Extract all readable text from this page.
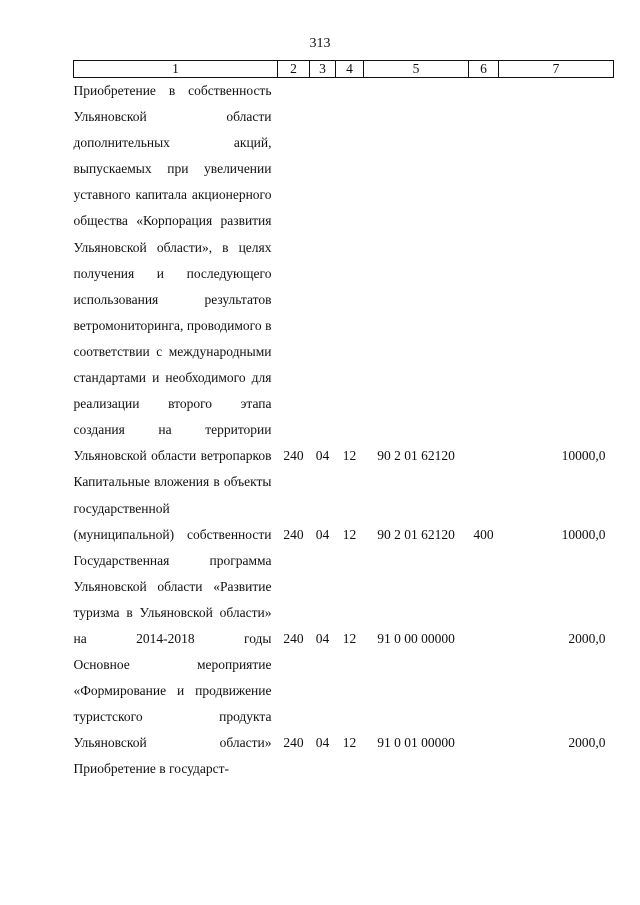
313
1	2	3	4	5	6	7
Приобретение в собственность Ульяновской области дополнительных акций, выпускаемых при увеличении уставного капитала акционерного общества «Корпорация развития Ульяновской области», в целях получения и последующего использования результатов ветромониторинга, проводимого в соответствии с международными стандартами и необходимого для реализации второго этапа создания на территории Ульяновской области ветропарков	240	04	12	90 2 01 62120		10000,0
Капитальные вложения в объекты государственной (муниципальной) собственности	240	04	12	90 2 01 62120	400	10000,0
Государственная программа Ульяновской области «Развитие туризма в Ульяновской области» на 2014-2018 годы	240	04	12	91 0 00 00000		2000,0
Основное мероприятие «Формирование и продвижение туристского продукта Ульяновской области»	240	04	12	91 0 01 00000		2000,0
Приобретение в государст-						
